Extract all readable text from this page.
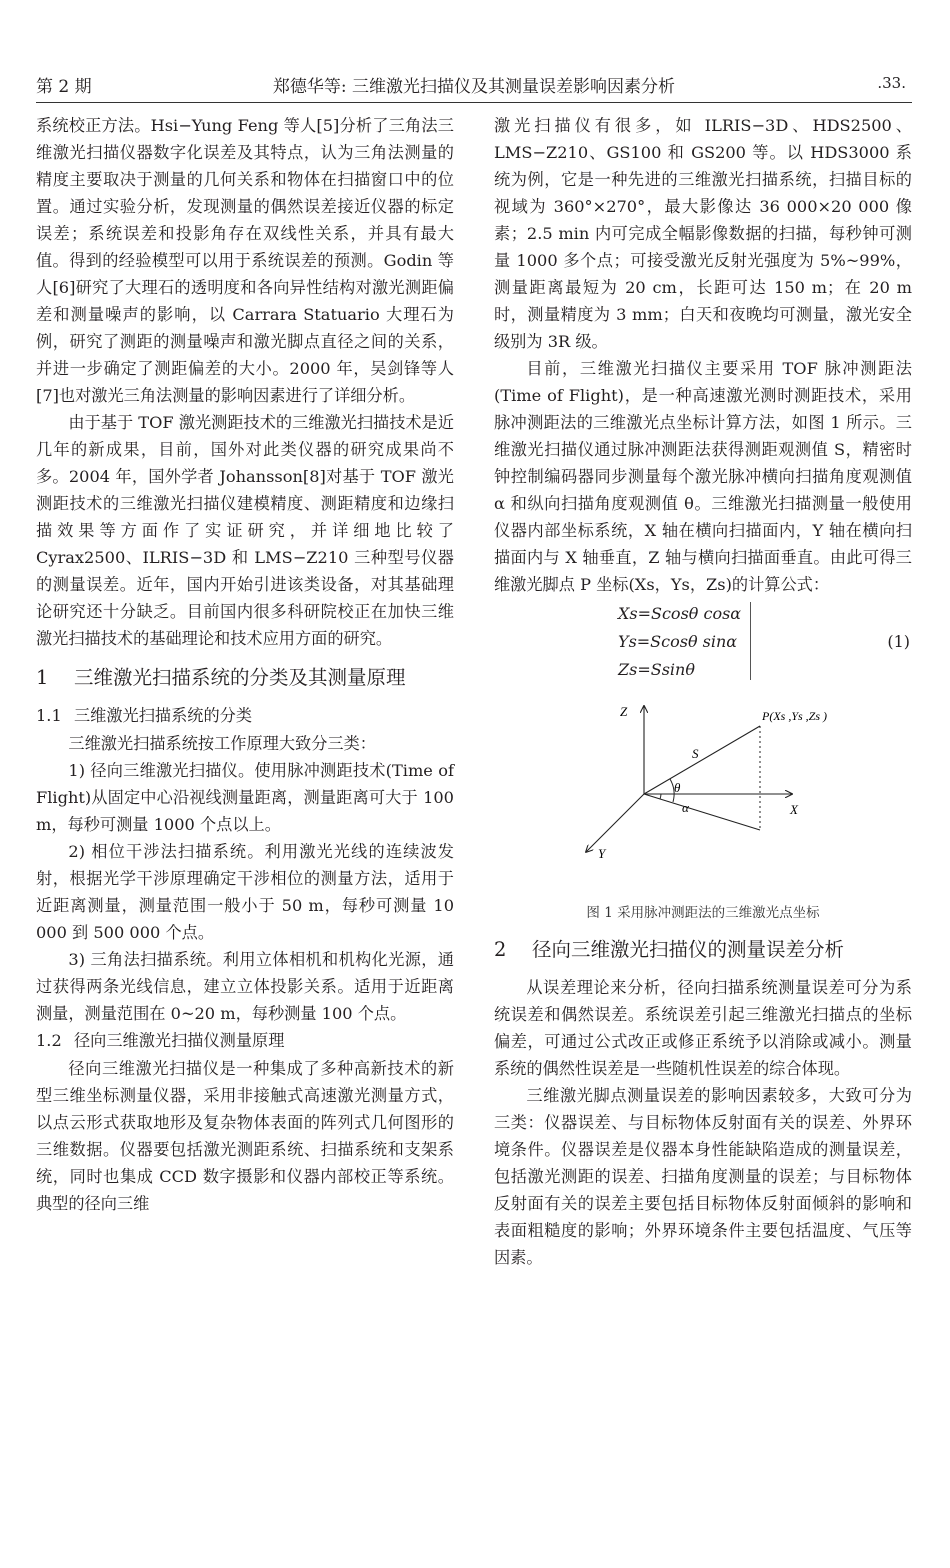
第 2 期	郑德华等: 三维激光扫描仪及其测量误差影响因素分析	.33.

系统校正方法。Hsi−Yung Feng 等人[5]分析了三角法三维激光扫描仪器数字化误差及其特点，认为三角法测量的精度主要取决于测量的几何关系和物体在扫描窗口中的位置。通过实验分析，发现测量的偶然误差接近仪器的标定误差；系统误差和投影角存在双线性关系，并具有最大值。得到的经验模型可以用于系统误差的预测。Godin 等人[6]研究了大理石的透明度和各向异性结构对激光测距偏差和测量噪声的影响，以 Carrara Statuario 大理石为例，研究了测距的测量噪声和激光脚点直径之间的关系，并进一步确定了测距偏差的大小。2000 年，吴剑锋等人[7]也对激光三角法测量的影响因素进行了详细分析。

由于基于 TOF 激光测距技术的三维激光扫描技术是近几年的新成果，目前，国外对此类仪器的研究成果尚不多。2004 年，国外学者 Johansson[8]对基于 TOF 激光测距技术的三维激光扫描仪建模精度、测距精度和边缘扫描效果等方面作了实证研究，并详细地比较了 Cyrax2500、ILRIS−3D 和 LMS−Z210 三种型号仪器的测量误差。近年，国内开始引进该类设备，对其基础理论研究还十分缺乏。目前国内很多科研院校正在加快三维激光扫描技术的基础理论和技术应用方面的研究。

1 三维激光扫描系统的分类及其测量原理
1.1 三维激光扫描系统的分类

三维激光扫描系统按工作原理大致分三类：

1) 径向三维激光扫描仪。使用脉冲测距技术(Time of Flight)从固定中心沿视线测量距离，测量距离可大于 100 m，每秒可测量 1000 个点以上。

2) 相位干涉法扫描系统。利用激光光线的连续波发射，根据光学干涉原理确定干涉相位的测量方法，适用于近距离测量，测量范围一般小于 50 m，每秒可测量 10 000 到 500 000 个点。

3) 三角法扫描系统。利用立体相机和机构化光源，通过获得两条光线信息，建立立体投影关系。适用于近距离测量，测量范围在 0~20 m，每秒测量 100 个点。

1.2 径向三维激光扫描仪测量原理

径向三维激光扫描仪是一种集成了多种高新技术的新型三维坐标测量仪器，采用非接触式高速激光测量方式，以点云形式获取地形及复杂物体表面的阵列式几何图形的三维数据。仪器要包括激光测距系统、扫描系统和支架系统，同时也集成 CCD 数字摄影和仪器内部校正等系统。典型的径向三维

激光扫描仪有很多，如 ILRIS−3D、HDS2500、LMS−Z210、GS100 和 GS200 等。以 HDS3000 系统为例，它是一种先进的三维激光扫描系统，扫描目标的视域为 360°×270°，最大影像达 36 000×20 000 像素；2.5 min 内可完成全幅影像数据的扫描，每秒钟可测量 1000 多个点；可接受激光反射光强度为 5%~99%，测量距离最短为 20 cm，长距可达 150 m；在 20 m 时，测量精度为 3 mm；白天和夜晚均可测量，激光安全级别为 3R 级。

目前，三维激光扫描仪主要采用 TOF 脉冲测距法(Time of Flight)，是一种高速激光测时测距技术，采用脉冲测距法的三维激光点坐标计算方法，如图 1 所示。三维激光扫描仪通过脉冲测距法获得测距观测值 S，精密时钟控制编码器同步测量每个激光脉冲横向扫描角度观测值 α 和纵向扫描角度观测值 θ。三维激光扫描测量一般使用仪器内部坐标系统，X 轴在横向扫描面内，Y 轴在横向扫描面内与 X 轴垂直，Z 轴与横向扫描面垂直。由此可得三维激光脚点 P 坐标(Xs，Ys，Zs)的计算公式：

Xs=Scosθ cosα
Ys=Scosθ sinα
Zs=Ssinθ
(1)
Z
X
Y
S
θ
α
P(Xs ,Ys ,Zs )
图 1 采用脉冲测距法的三维激光点坐标
2 径向三维激光扫描仪的测量误差分析

从误差理论来分析，径向扫描系统测量误差可分为系统误差和偶然误差。系统误差引起三维激光扫描点的坐标偏差，可通过公式改正或修正系统予以消除或减小。测量系统的偶然性误差是一些随机性误差的综合体现。

三维激光脚点测量误差的影响因素较多，大致可分为三类：仪器误差、与目标物体反射面有关的误差、外界环境条件。仪器误差是仪器本身性能缺陷造成的测量误差，包括激光测距的误差、扫描角度测量的误差；与目标物体反射面有关的误差主要包括目标物体反射面倾斜的影响和表面粗糙度的影响；外界环境条件主要包括温度、气压等因素。
